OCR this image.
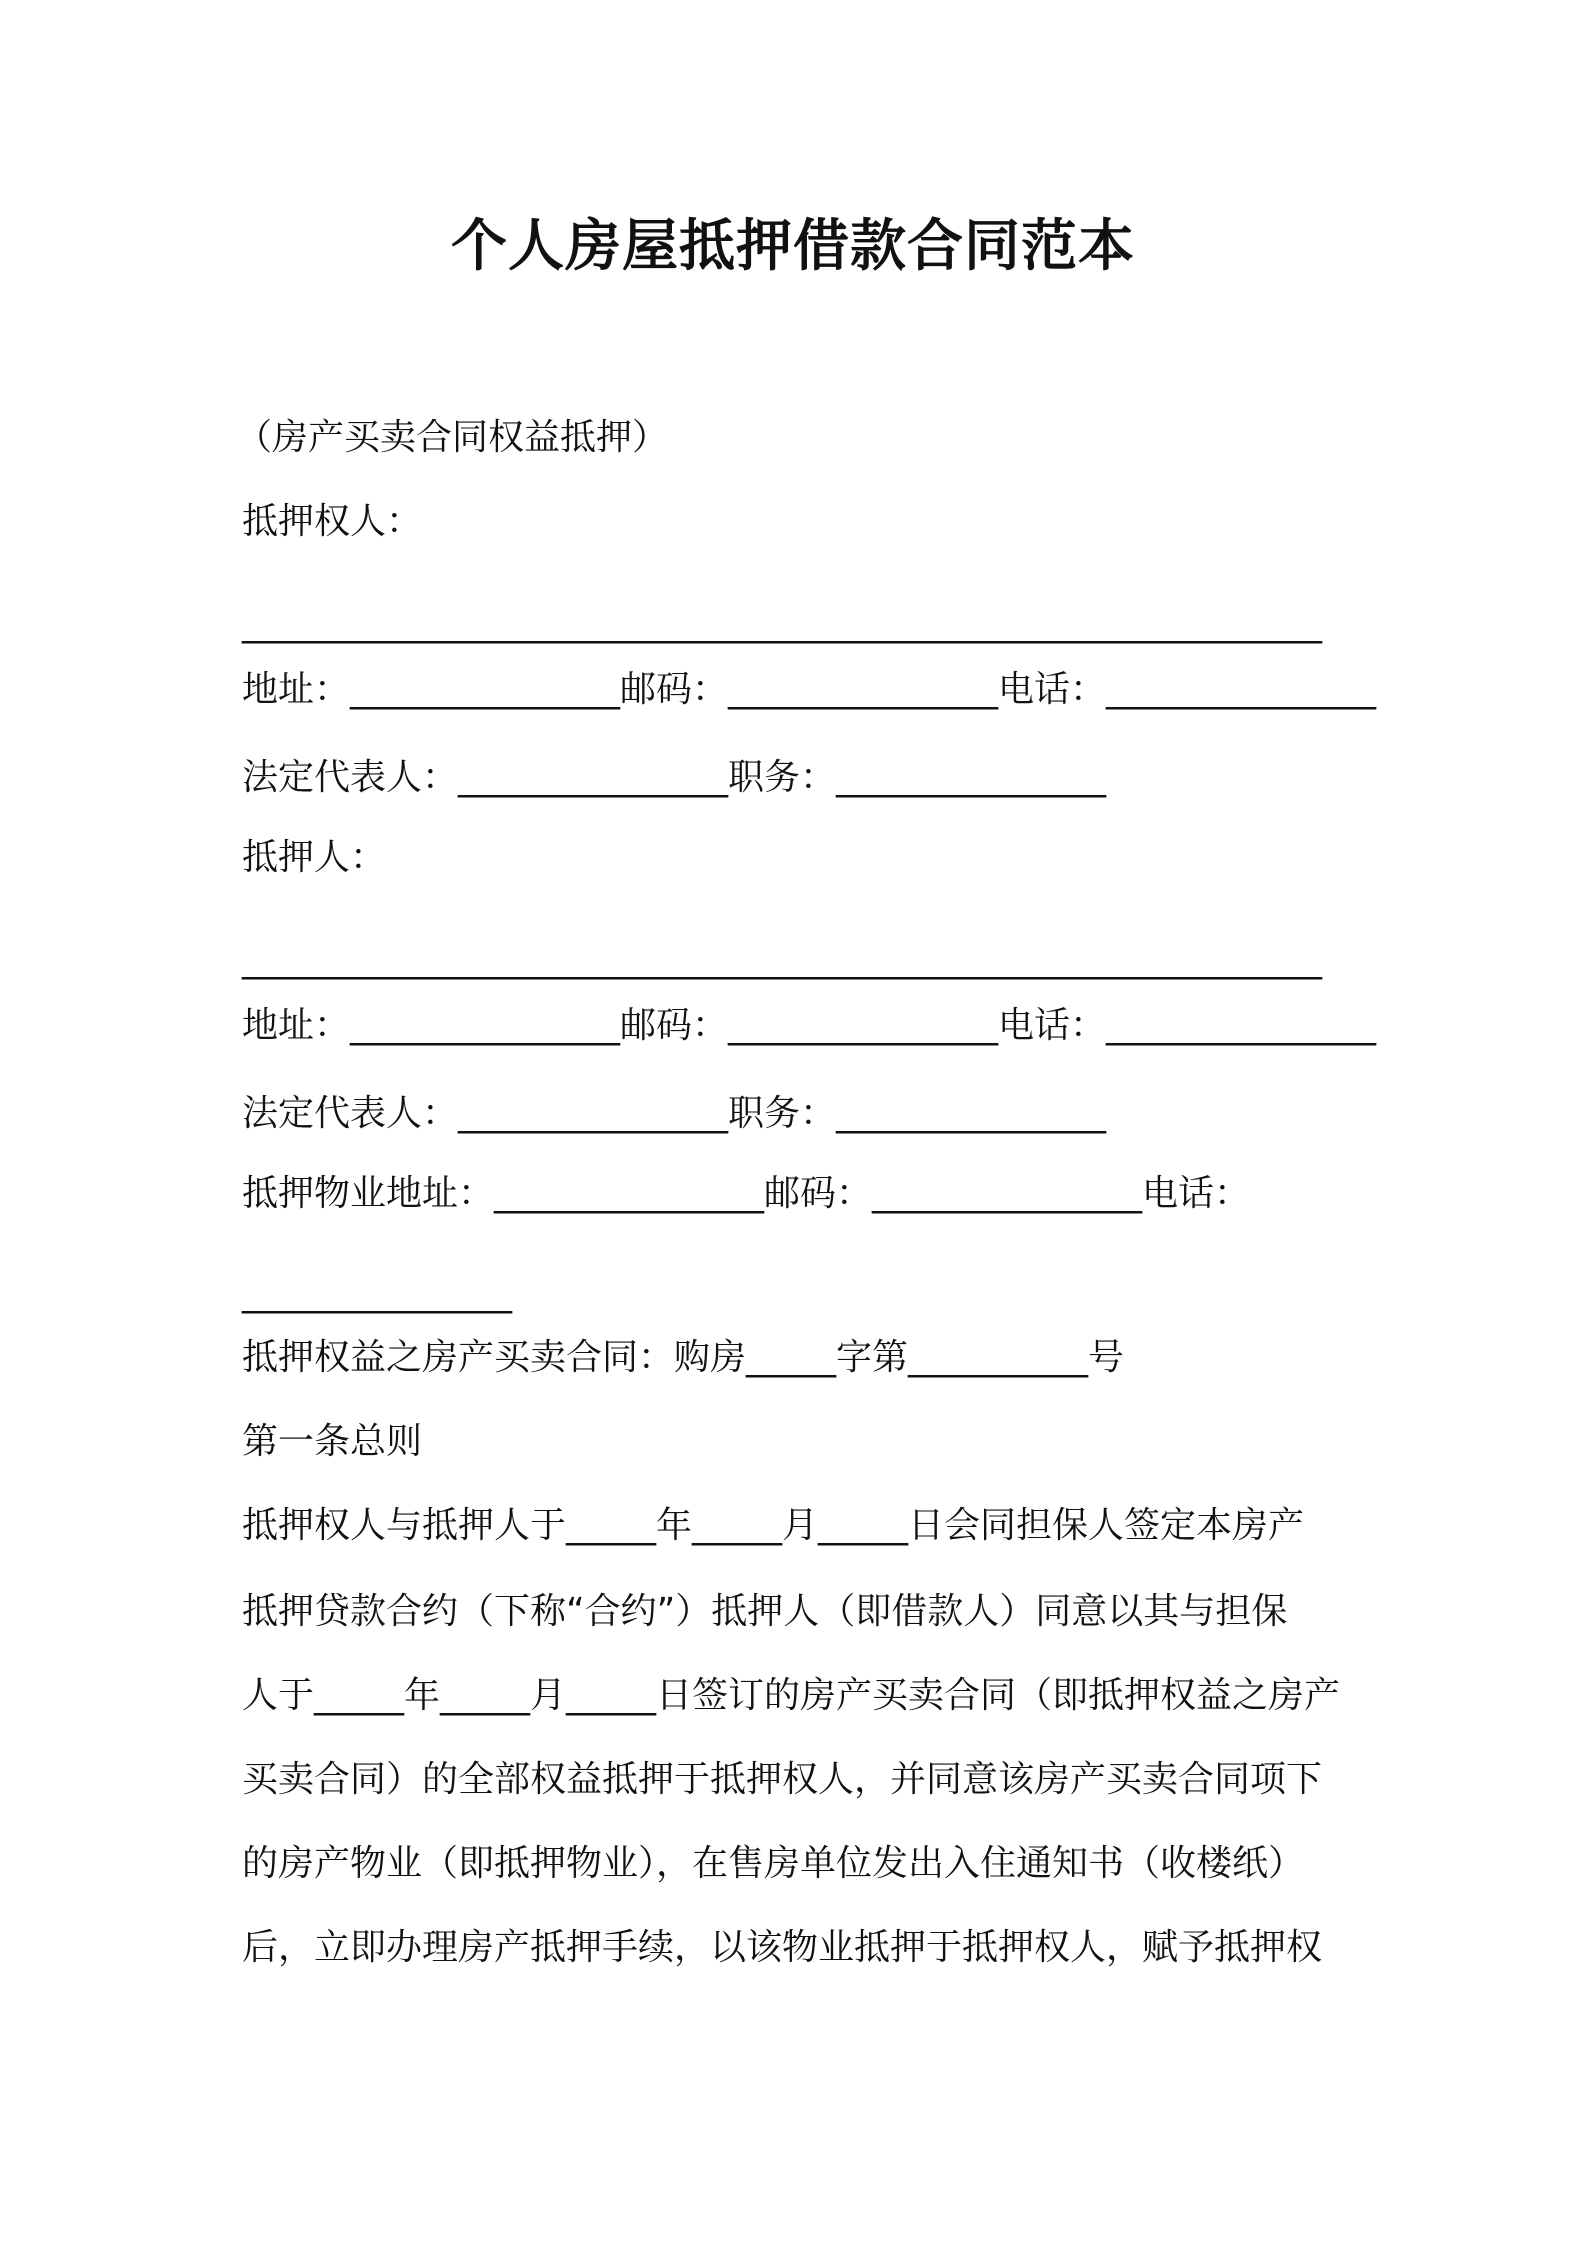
个人房屋抵押借款合同范本
（房产买卖合同权益抵押）
抵押权人：
____________________________________________________________
地址：_______________邮码：_______________电话：_______________
法定代表人：_______________职务：_______________
抵押人：
____________________________________________________________
地址：_______________邮码：_______________电话：_______________
法定代表人：_______________职务：_______________
抵押物业地址：_______________邮码：_______________电话：
_______________
抵押权益之房产买卖合同：购房_____字第__________号
第一条总则
抵押权人与抵押人于_____年_____月_____日会同担保人签定本房产
抵押贷款合约（下称“合约”）抵押人（即借款人）同意以其与担保
人于_____年_____月_____日签订的房产买卖合同（即抵押权益之房产
买卖合同）的全部权益抵押于抵押权人，并同意该房产买卖合同项下
的房产物业（即抵押物业），在售房单位发出入住通知书（收楼纸）
后，立即办理房产抵押手续，以该物业抵押于抵押权人，赋予抵押权
